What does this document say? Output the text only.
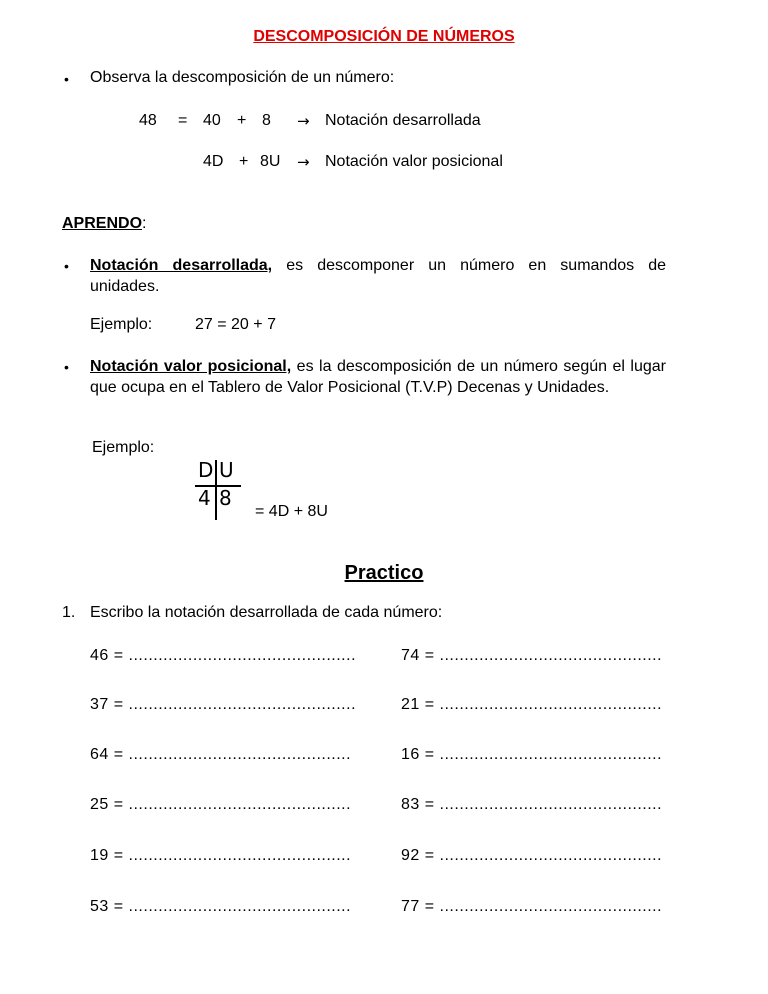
DESCOMPOSICIÓN DE NÚMEROS
• Observa la descomposición de un número:
48 = 40 + 8 → Notación desarrollada
4D + 8U → Notación valor posicional
APRENDO:
• Notación desarrollada, es descomponer un número en sumandos de unidades.
Ejemplo:	27 = 20 + 7
• Notación valor posicional, es la descomposición de un número según el lugar que ocupa en el Tablero de Valor Posicional (T.V.P) Decenas y Unidades.
Ejemplo:
D U
4 8
= 4D + 8U
Practico
1. Escribo la notación desarrollada de cada número:
46 = ..............................................	74 = .............................................
37 = ..............................................	21 = .............................................
64 = .............................................	16 = .............................................
25 = .............................................	83 = .............................................
19 = .............................................	92 = .............................................
53 = .............................................	77 = .............................................
